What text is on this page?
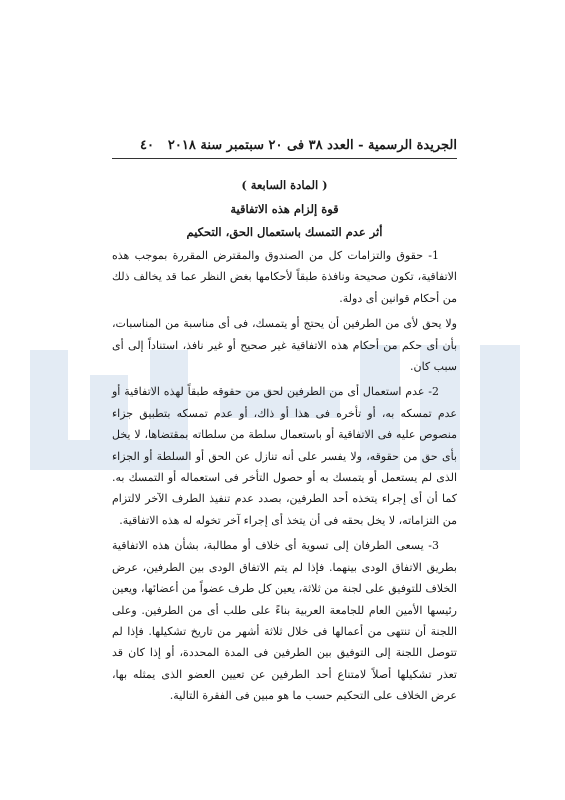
٤٠ الجريدة الرسمية - العدد ٣٨ فى ٢٠ سبتمبر سنة ٢٠١٨
( المادة السابعة )
قوة إلزام هذه الاتفاقية
أثر عدم التمسك باستعمال الحق، التحكيم

1- حقوق والتزامات كل من الصندوق والمقترض المقررة بموجب هذه الاتفاقية، تكون صحيحة ونافذة طبقاً لأحكامها بغض النظر عما قد يخالف ذلك من أحكام قوانين أى دولة.

ولا يحق لأى من الطرفين أن يحتج أو يتمسك، فى أى مناسبة من المناسبات، بأن أى حكم من أحكام هذه الاتفاقية غير صحيح أو غير نافذ، استناداً إلى أى سبب كان.

2- عدم استعمال أى من الطرفين لحق من حقوقه طبقاً لهذه الاتفاقية أو عدم تمسكه به، أو تأخره فى هذا أو ذاك، أو عدم تمسكه بتطبيق جزاء منصوص عليه فى الاتفاقية أو باستعمال سلطة من سلطاته بمقتضاها، لا يخل بأى حق من حقوقه، ولا يفسر على أنه تنازل عن الحق أو السلطة أو الجزاء الذى لم يستعمل أو يتمسك به أو حصول التأخر فى استعماله أو التمسك به. كما أن أى إجراء يتخذه أحد الطرفين، بصدد عدم تنفيذ الطرف الآخر لالتزام من التزاماته، لا يخل بحقه فى أن يتخذ أى إجراء آخر تخوله له هذه الاتفاقية.

3- يسعى الطرفان إلى تسوية أى خلاف أو مطالبة، بشأن هذه الاتفاقية بطريق الاتفاق الودى بينهما. فإذا لم يتم الاتفاق الودى بين الطرفين، عرض الخلاف للتوفيق على لجنة من ثلاثة، يعين كل طرف عضواً من أعضائها، ويعين رئيسها الأمين العام للجامعة العربية بناءً على طلب أى من الطرفين. وعلى اللجنة أن تنتهى من أعمالها فى خلال ثلاثة أشهر من تاريخ تشكيلها. فإذا لم تتوصل اللجنة إلى التوفيق بين الطرفين فى المدة المحددة، أو إذا كان قد تعذر تشكيلها أصلاً لامتناع أحد الطرفين عن تعيين العضو الذى يمثله بها، عرض الخلاف على التحكيم حسب ما هو مبين فى الفقرة التالية.
